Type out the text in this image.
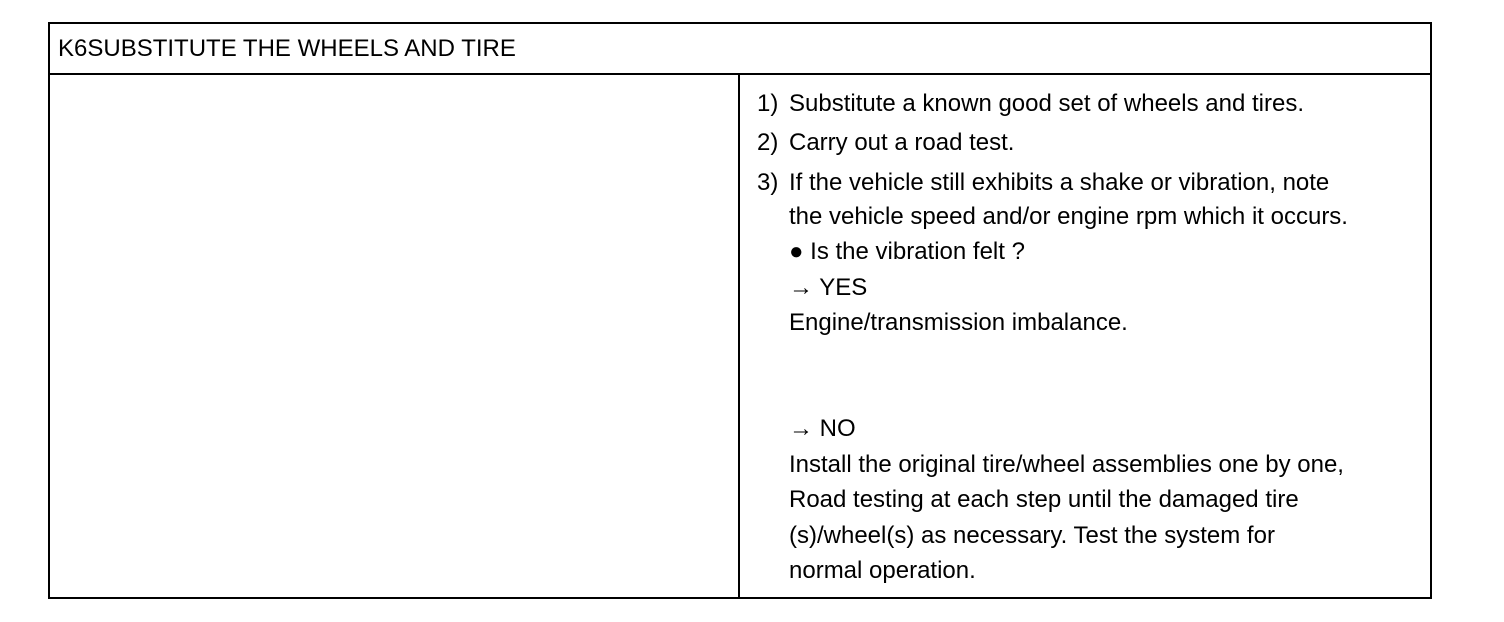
K6SUBSTITUTE THE WHEELS AND TIRE
1) Substitute a known good set of wheels and tires.
2) Carry out a road test.
3) If the vehicle still exhibits a shake or vibration, note
the vehicle speed and/or engine rpm which it occurs.
● Is the vibration felt ?
→ YES
Engine/transmission imbalance.
→ NO
Install the original tire/wheel assemblies one by one,
Road testing at each step until the damaged tire
(s)/wheel(s) as necessary. Test the system for
normal operation.
